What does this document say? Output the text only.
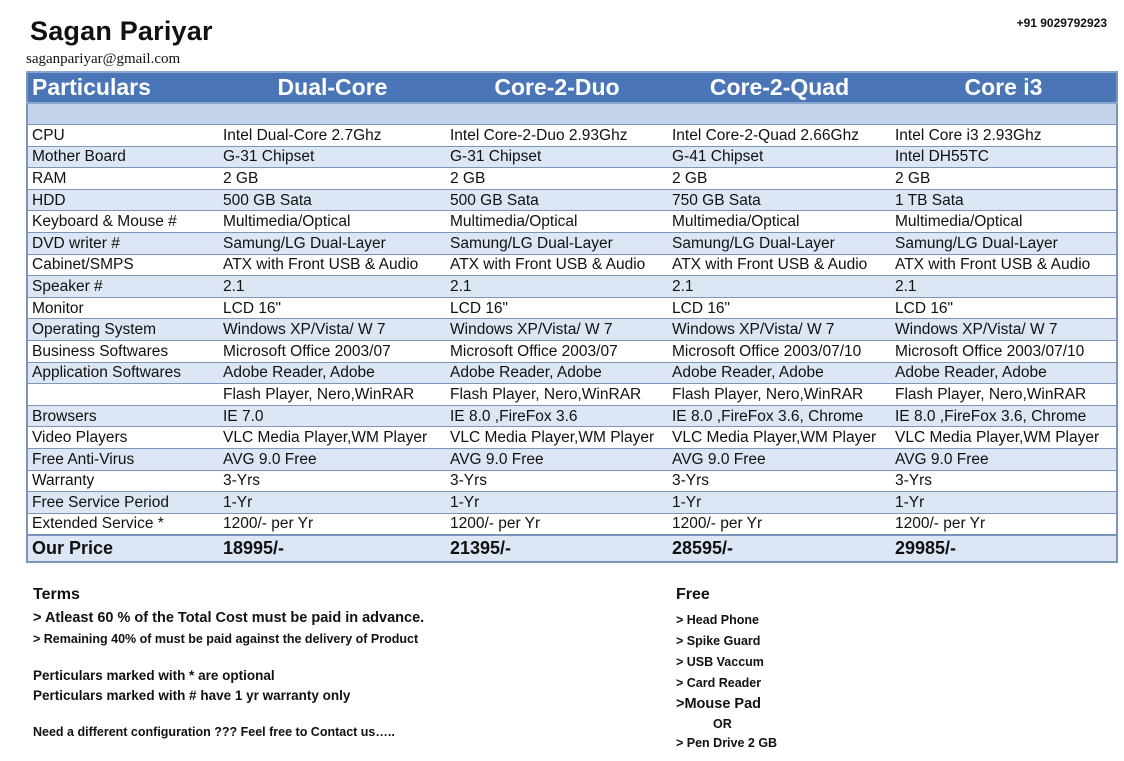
Sagan Pariyar
saganpariyar@gmail.com
+91 9029792923
Particulars	Dual-Core	Core-2-Duo	Core-2-Quad	Core i3

CPU	Intel Dual-Core 2.7Ghz	Intel Core-2-Duo 2.93Ghz	Intel Core-2-Quad 2.66Ghz	Intel Core i3 2.93Ghz
Mother Board	G-31 Chipset	G-31 Chipset	G-41 Chipset	Intel DH55TC
RAM	2 GB	2 GB	2 GB	2 GB
HDD	500 GB Sata	500 GB Sata	750 GB Sata	1 TB Sata
Keyboard & Mouse #	Multimedia/Optical	Multimedia/Optical	Multimedia/Optical	Multimedia/Optical
DVD writer #	Samung/LG Dual-Layer	Samung/LG Dual-Layer	Samung/LG Dual-Layer	Samung/LG Dual-Layer
Cabinet/SMPS	ATX with Front USB & Audio	ATX with Front USB & Audio	ATX with Front USB & Audio	ATX with Front USB & Audio
Speaker #	2.1	2.1	2.1	2.1
Monitor	LCD 16"	LCD 16"	LCD 16"	LCD 16"
Operating System	Windows XP/Vista/ W 7	Windows XP/Vista/ W 7	Windows XP/Vista/ W 7	Windows XP/Vista/ W 7
Business Softwares	Microsoft Office 2003/07	Microsoft Office 2003/07	Microsoft Office 2003/07/10	Microsoft Office 2003/07/10
Application Softwares	Adobe Reader, Adobe	Adobe Reader, Adobe	Adobe Reader, Adobe	Adobe Reader, Adobe
	Flash Player, Nero,WinRAR	Flash Player, Nero,WinRAR	Flash Player, Nero,WinRAR	Flash Player, Nero,WinRAR
Browsers	IE 7.0	IE 8.0 ,FireFox 3.6	IE 8.0 ,FireFox 3.6, Chrome	IE 8.0 ,FireFox 3.6, Chrome
Video Players	VLC Media Player,WM Player	VLC Media Player,WM Player	VLC Media Player,WM Player	VLC Media Player,WM Player
Free Anti-Virus	AVG 9.0 Free	AVG 9.0 Free	AVG 9.0 Free	AVG 9.0 Free
Warranty	3-Yrs	3-Yrs	3-Yrs	3-Yrs
Free Service Period	1-Yr	1-Yr	1-Yr	1-Yr
Extended Service *	1200/- per Yr	1200/- per Yr	1200/- per Yr	1200/- per Yr
Our Price	18995/-	21395/-	28595/-	29985/-
Terms
> Atleast 60 % of the Total Cost must be paid in advance.
> Remaining 40% of must be paid against the delivery of Product
Perticulars marked with * are optional
Perticulars marked with # have 1 yr warranty only
Need a different configuration ??? Feel free to Contact us…..
Free
> Head Phone
> Spike Guard
> USB Vaccum
> Card Reader
>Mouse Pad
OR
> Pen Drive 2 GB
